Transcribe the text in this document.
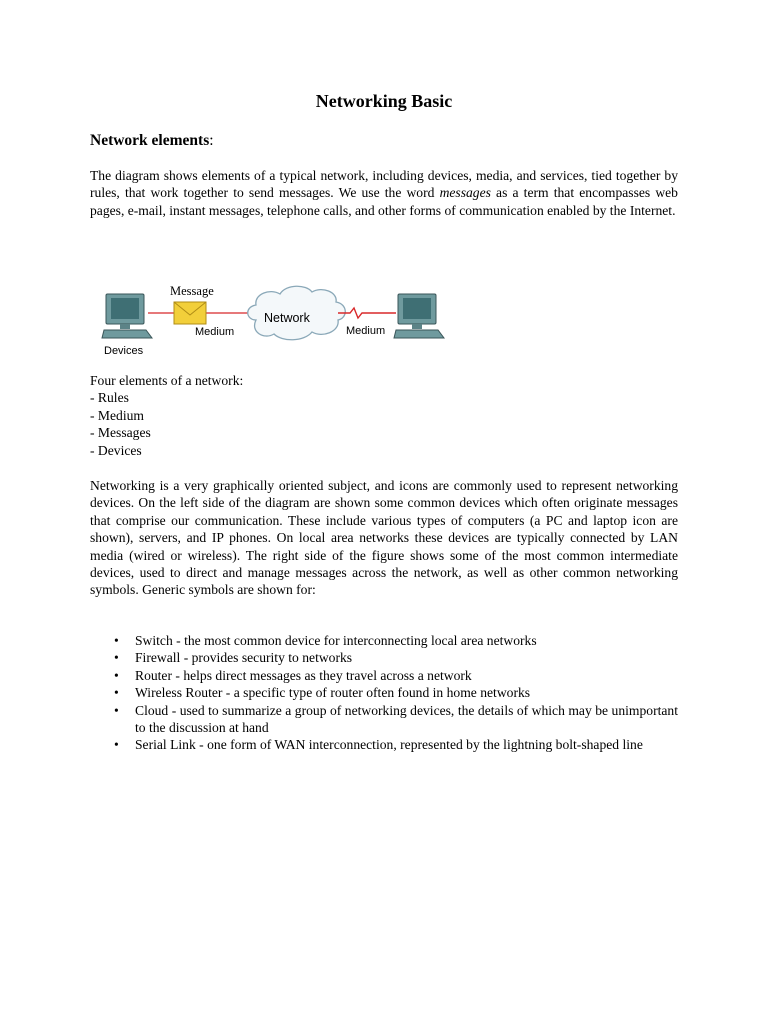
Networking Basic
Network elements:
The diagram shows elements of a typical network, including devices, media, and services, tied together by rules, that work together to send messages. We use the word messages as a term that encompasses web pages, e-mail, instant messages, telephone calls, and other forms of communication enabled by the Internet.
Four elements of a network:
- Rules
- Medium
- Messages
- Devices
Networking is a very graphically oriented subject, and icons are commonly used to represent networking devices. On the left side of the diagram are shown some common devices which often originate messages that comprise our communication. These include various types of computers (a PC and laptop icon are shown), servers, and IP phones. On local area networks these devices are typically connected by LAN media (wired or wireless). The right side of the figure shows some of the most common intermediate devices, used to direct and manage messages across the network, as well as other common networking symbols. Generic symbols are shown for:
• Switch - the most common device for interconnecting local area networks
• Firewall - provides security to networks
• Router - helps direct messages as they travel across a network
• Wireless Router - a specific type of router often found in home networks
• Cloud - used to summarize a group of networking devices, the details of which may be unimportant to the discussion at hand
• Serial Link - one form of WAN interconnection, represented by the lightning bolt-shaped line
Message
Medium
Devices
Network
Medium
